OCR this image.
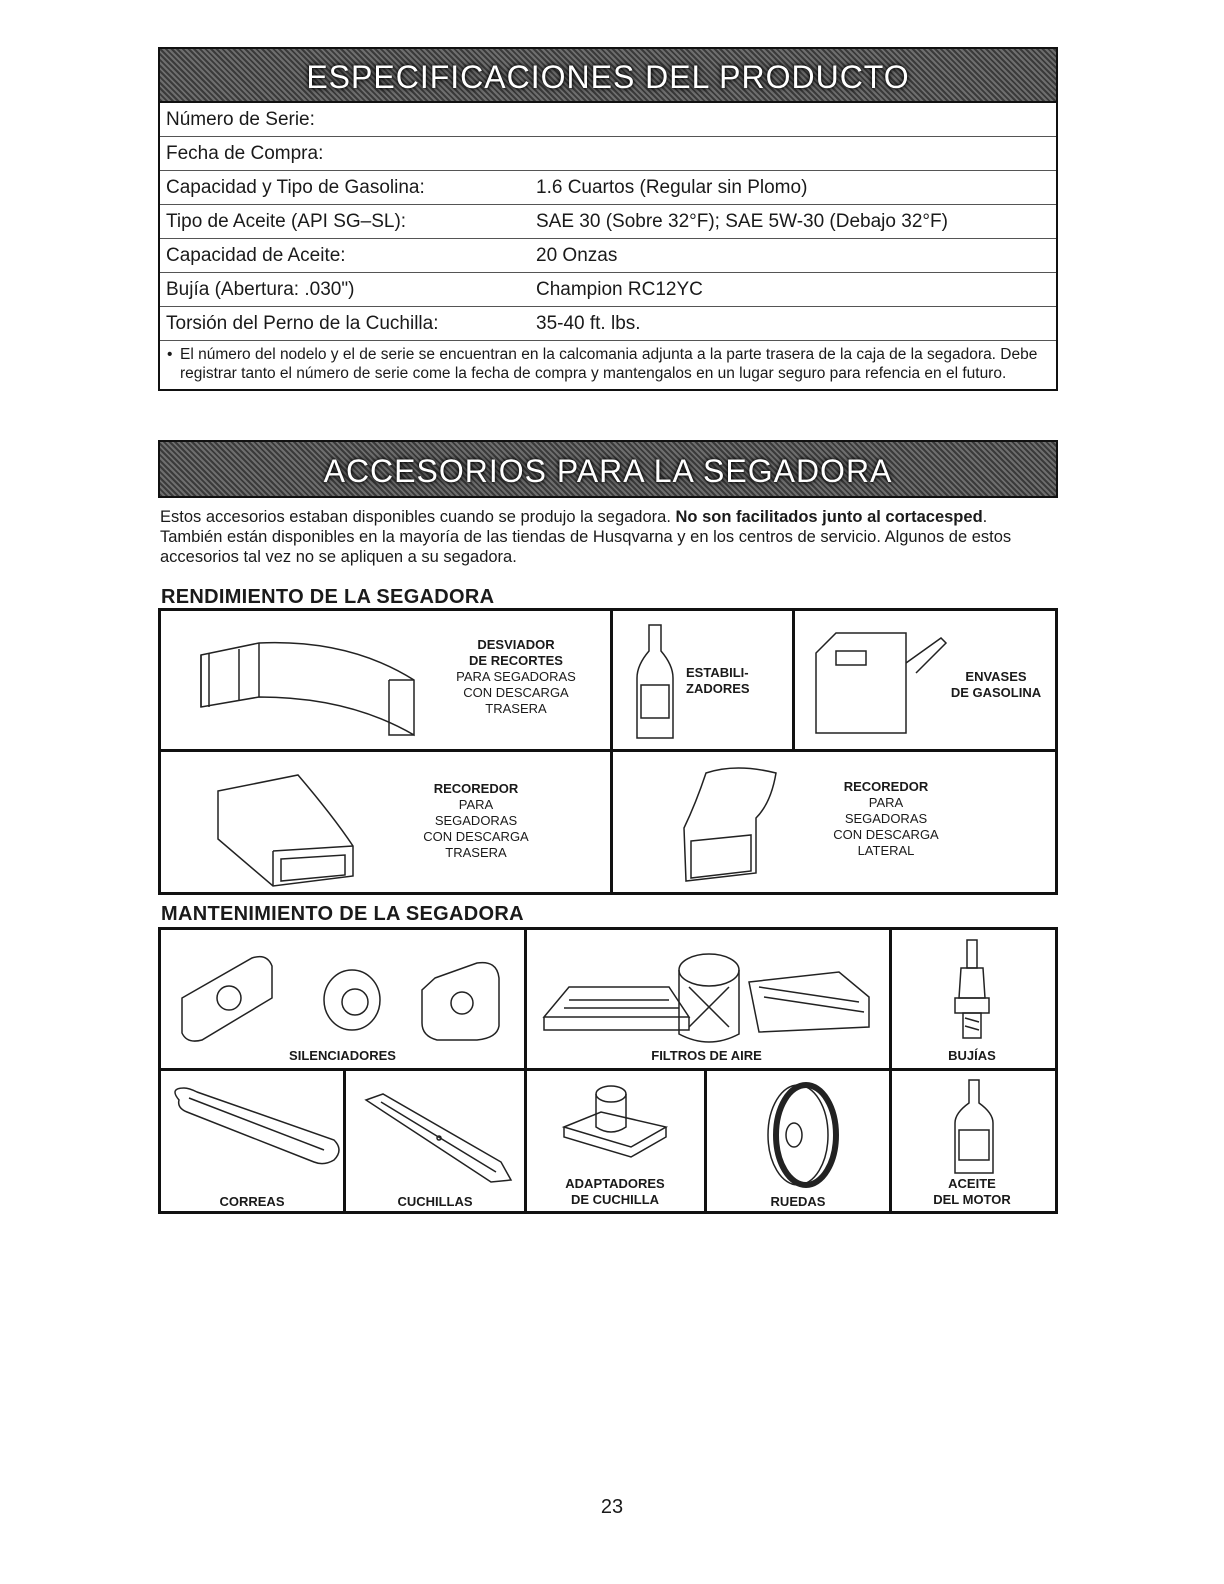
ESPECIFICACIONES DEL PRODUCTO
Número de Serie:
Fecha de Compra:
Capacidad y Tipo de Gasolina:	1.6 Cuartos (Regular sin Plomo)
Tipo de Aceite (API SG–SL):	SAE 30 (Sobre 32°F); SAE 5W-30 (Debajo 32°F)
Capacidad de Aceite:	20 Onzas
Bujía (Abertura: .030")	Champion RC12YC
Torsión del Perno de la Cuchilla:	35-40 ft. lbs.
• El número del nodelo y el de serie se encuentran en la calcomania adjunta a la parte trasera de la caja de la segadora. Debe registrar tanto el número de serie come la fecha de compra y mantengalos en un lugar seguro para refencia en el futuro.
ACCESORIOS PARA LA SEGADORA
Estos accesorios estaban disponibles cuando se produjo la segadora. No son facilitados junto al cortacesped. También están disponibles en la mayoría de las tiendas de Husqvarna y en los centros de servicio. Algunos de estos accesorios tal vez no se apliquen a su segadora.
RENDIMIENTO DE LA SEGADORA
DESVIADOR
DE RECORTES
PARA SEGADORAS
CON DESCARGA
TRASERA
ESTABILI-
ZADORES
ENVASES
DE GASOLINA
RECOREDOR
PARA
SEGADORAS
CON DESCARGA
TRASERA
RECOREDOR
PARA
SEGADORAS
CON DESCARGA
LATERAL
MANTENIMIENTO DE LA SEGADORA
SILENCIADORES	FILTROS DE AIRE	BUJÍAS
CORREAS	CUCHILLAS
ADAPTADORES
DE CUCHILLA	RUEDAS
ACEITE
DEL MOTOR
23
